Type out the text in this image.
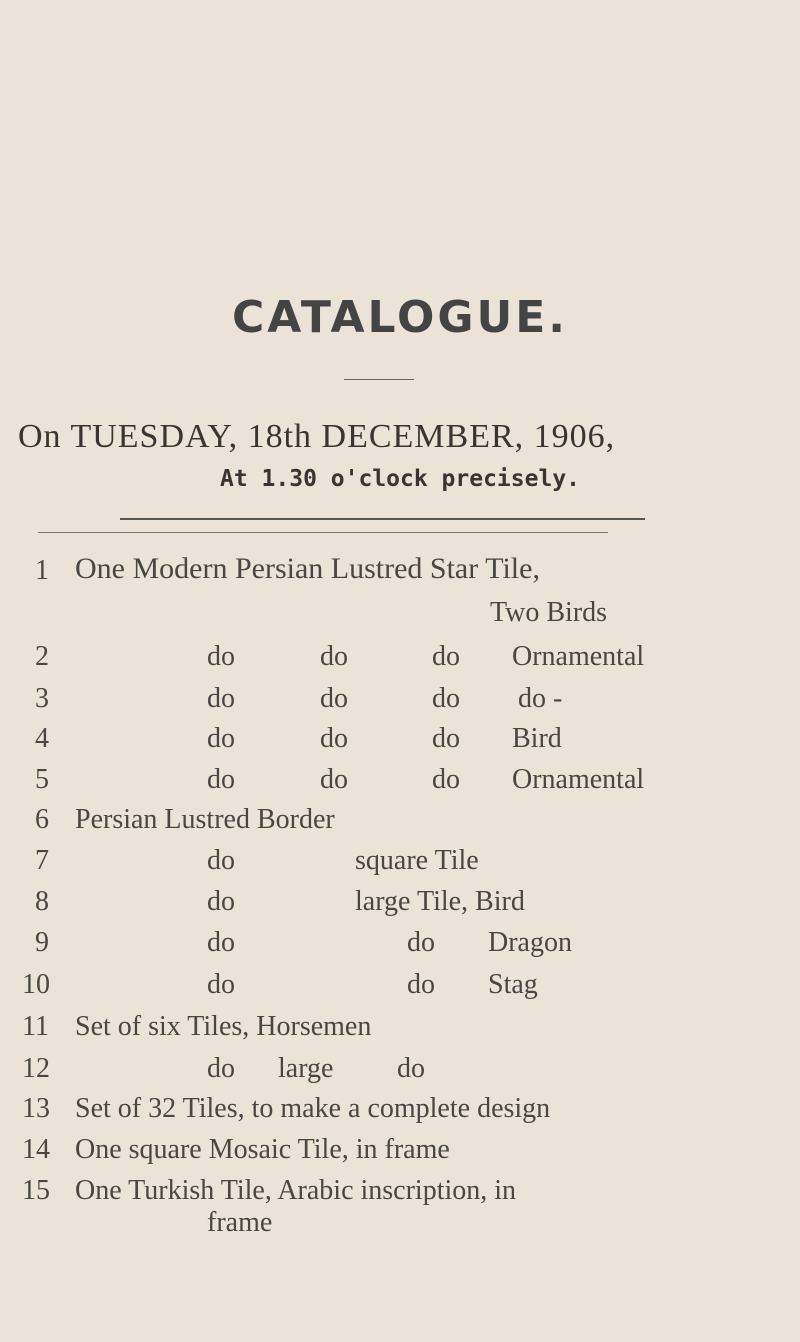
CATALOGUE.
On TUESDAY, 18th DECEMBER, 1906,
At 1.30 o'clock precisely.
1 One Modern Persian Lustred Star Tile,
Two Birds
2	do	do	do Ornamental
3	do	do	do do -
4	do	do	do Bird
5	do	do	do Ornamental
6 Persian Lustred Border
7	do	square Tile
8	do	large Tile, Bird
9	do	do Dragon
10	do	do Stag
11 Set of six Tiles, Horsemen
12	do large do
13 Set of 32 Tiles, to make a complete design
14 One square Mosaic Tile, in frame
15 One Turkish Tile, Arabic inscription, in
frame
